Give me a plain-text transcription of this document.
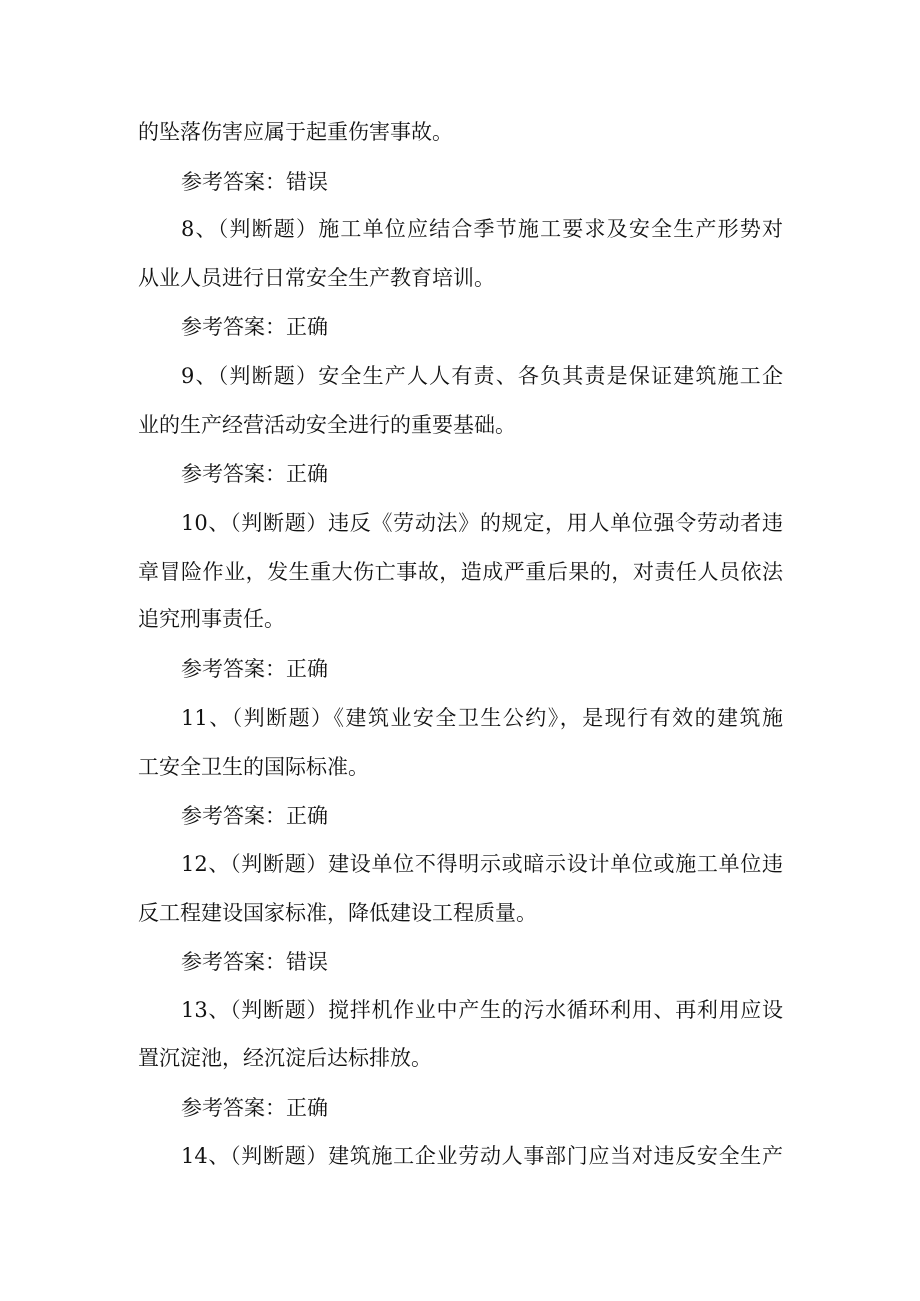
的坠落伤害应属于起重伤害事故。
参考答案：错误
8、（判断题）施工单位应结合季节施工要求及安全生产形势对
从业人员进行日常安全生产教育培训。
参考答案：正确
9、（判断题）安全生产人人有责、各负其责是保证建筑施工企
业的生产经营活动安全进行的重要基础。
参考答案：正确
10、（判断题）违反《劳动法》的规定，用人单位强令劳动者违
章冒险作业，发生重大伤亡事故，造成严重后果的，对责任人员依法
追究刑事责任。
参考答案：正确
11、（判断题）《建筑业安全卫生公约》，是现行有效的建筑施
工安全卫生的国际标准。
参考答案：正确
12、（判断题）建设单位不得明示或暗示设计单位或施工单位违
反工程建设国家标准，降低建设工程质量。
参考答案：错误
13、（判断题）搅拌机作业中产生的污水循环利用、再利用应设
置沉淀池，经沉淀后达标排放。
参考答案：正确
14、（判断题）建筑施工企业劳动人事部门应当对违反安全生产
